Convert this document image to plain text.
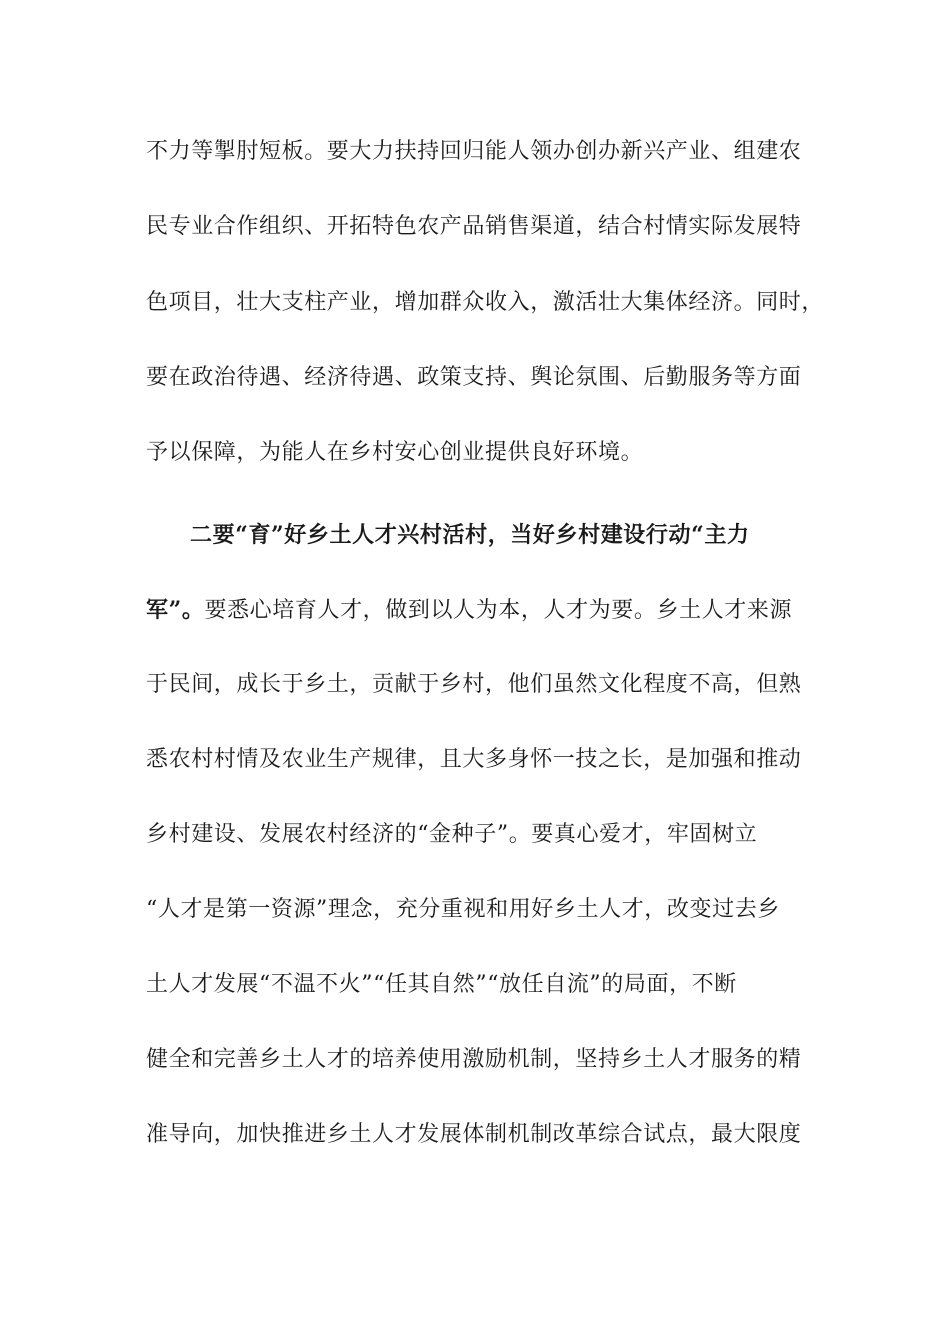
不力等掣肘短板。要大力扶持回归能人领办创办新兴产业、组建农
民专业合作组织、开拓特色农产品销售渠道，结合村情实际发展特
色项目，壮大支柱产业，增加群众收入，激活壮大集体经济。同时，
要在政治待遇、经济待遇、政策支持、舆论氛围、后勤服务等方面
予以保障，为能人在乡村安心创业提供良好环境。
二要“育”好乡土人才兴村活村，当好乡村建设行动“主力
军”。要悉心培育人才，做到以人为本，人才为要。乡土人才来源
于民间，成长于乡土，贡献于乡村，他们虽然文化程度不高，但熟
悉农村村情及农业生产规律，且大多身怀一技之长，是加强和推动
乡村建设、发展农村经济的“金种子”。要真心爱才，牢固树立
“人才是第一资源”理念，充分重视和用好乡土人才，改变过去乡
土人才发展“不温不火”“任其自然”“放任自流”的局面，不断
健全和完善乡土人才的培养使用激励机制，坚持乡土人才服务的精
准导向，加快推进乡土人才发展体制机制改革综合试点，最大限度
